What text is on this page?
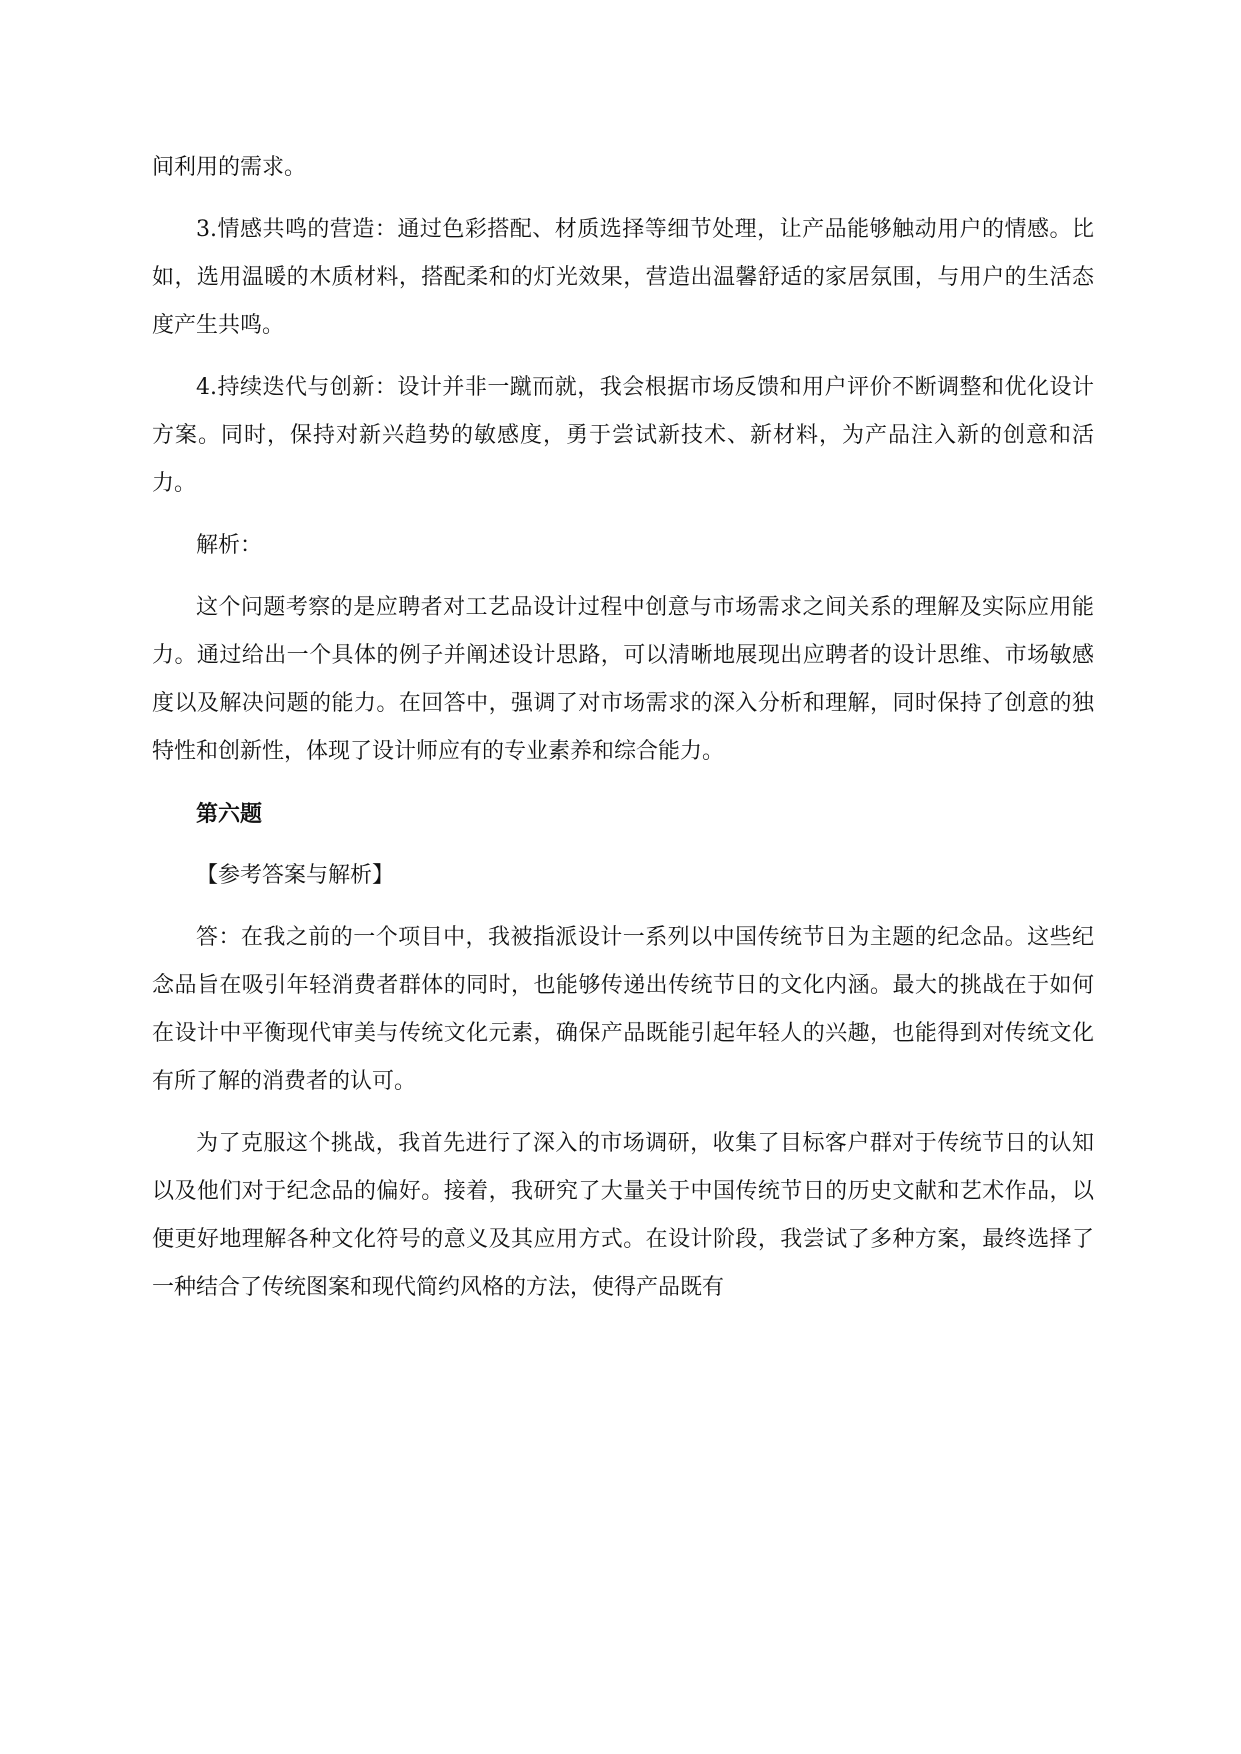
间利用的需求。

3.情感共鸣的营造：通过色彩搭配、材质选择等细节处理，让产品能够触动用户的情感。比如，选用温暖的木质材料，搭配柔和的灯光效果，营造出温馨舒适的家居氛围，与用户的生活态度产生共鸣。

4.持续迭代与创新：设计并非一蹴而就，我会根据市场反馈和用户评价不断调整和优化设计方案。同时，保持对新兴趋势的敏感度，勇于尝试新技术、新材料，为产品注入新的创意和活力。

解析：

这个问题考察的是应聘者对工艺品设计过程中创意与市场需求之间关系的理解及实际应用能力。通过给出一个具体的例子并阐述设计思路，可以清晰地展现出应聘者的设计思维、市场敏感度以及解决问题的能力。在回答中，强调了对市场需求的深入分析和理解，同时保持了创意的独特性和创新性，体现了设计师应有的专业素养和综合能力。

第六题

【参考答案与解析】

答：在我之前的一个项目中，我被指派设计一系列以中国传统节日为主题的纪念品。这些纪念品旨在吸引年轻消费者群体的同时，也能够传递出传统节日的文化内涵。最大的挑战在于如何在设计中平衡现代审美与传统文化元素，确保产品既能引起年轻人的兴趣，也能得到对传统文化有所了解的消费者的认可。

为了克服这个挑战，我首先进行了深入的市场调研，收集了目标客户群对于传统节日的认知以及他们对于纪念品的偏好。接着，我研究了大量关于中国传统节日的历史文献和艺术作品，以便更好地理解各种文化符号的意义及其应用方式。在设计阶段，我尝试了多种方案，最终选择了一种结合了传统图案和现代简约风格的方法，使得产品既有
